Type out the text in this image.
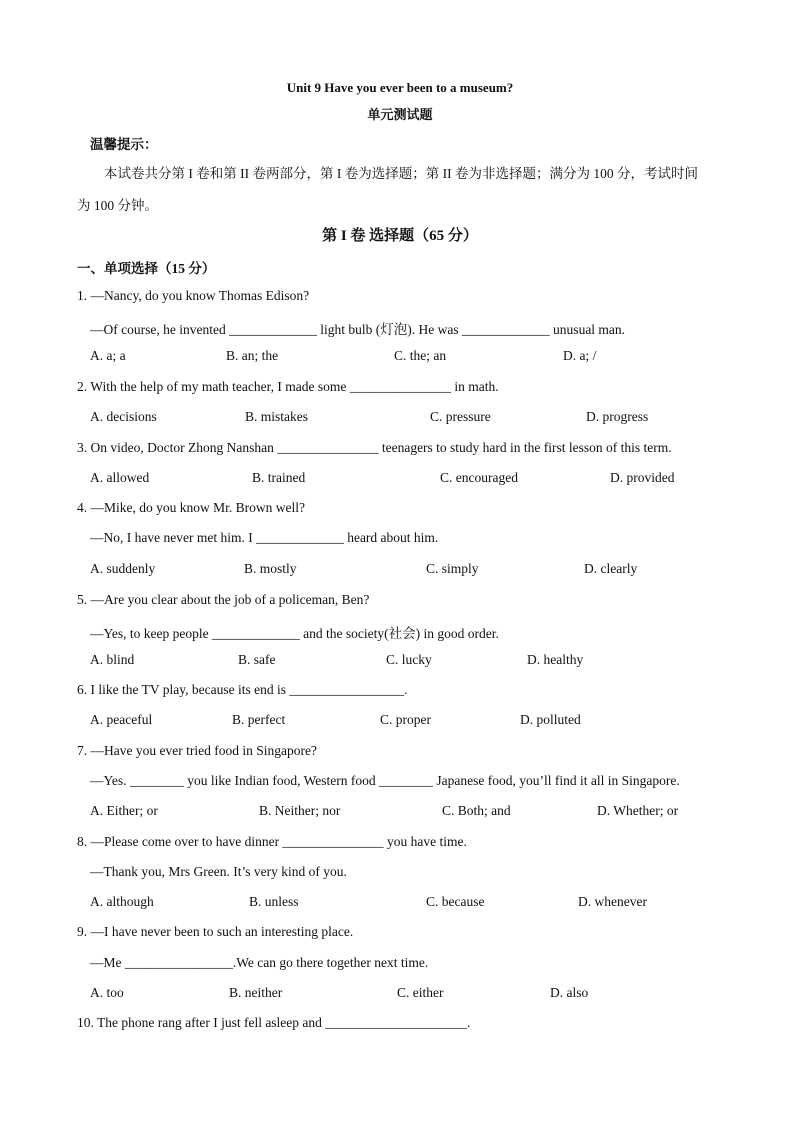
Unit 9 Have you ever been to a museum?
单元测试题
温馨提示：
本试卷共分第 I 卷和第 II 卷两部分，第 I 卷为选择题；第 II 卷为非选择题；满分为 100 分，考试时间
为 100 分钟。
第 I 卷 选择题（65 分）
一、单项选择（15 分）
1. —Nancy, do you know Thomas Edison?
—Of course, he invented _____________ light bulb (灯泡). He was _____________ unusual man.
A. a; a	B. an; the	C. the; an	D. a; /
2. With the help of my math teacher, I made some _______________ in math.
A. decisions	B. mistakes	C. pressure	D. progress
3. On video, Doctor Zhong Nanshan _______________ teenagers to study hard in the first lesson of this term.
A. allowed	B. trained	C. encouraged	D. provided
4. —Mike, do you know Mr. Brown well?
—No, I have never met him. I _____________ heard about him.
A. suddenly	B. mostly	C. simply	D. clearly
5. —Are you clear about the job of a policeman, Ben?
—Yes, to keep people _____________ and the society(社会) in good order.
A. blind	B. safe	C. lucky	D. healthy
6. I like the TV play, because its end is _________________.
A. peaceful	B. perfect	C. proper	D. polluted
7. —Have you ever tried food in Singapore?
—Yes. ________ you like Indian food, Western food ________ Japanese food, you’ll find it all in Singapore.
A. Either; or	B. Neither; nor	C. Both; and	D. Whether; or
8. —Please come over to have dinner _______________ you have time.
—Thank you, Mrs Green. It’s very kind of you.
A. although	B. unless	C. because	D. whenever
9. —I have never been to such an interesting place.
—Me ________________.We can go there together next time.
A. too	B. neither	C. either	D. also
10. The phone rang after I just fell asleep and _____________________.
